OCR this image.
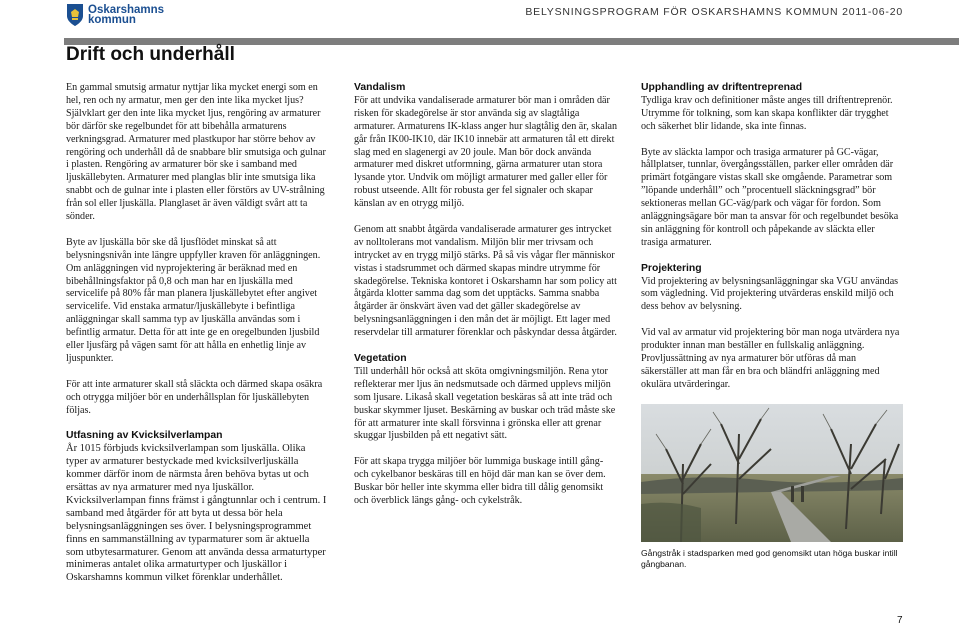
Oskarshamns
kommun
BELYSNINGSPROGRAM FÖR OSKARSHAMNS KOMMUN 2011-06-20
Drift och underhåll

En gammal smutsig armatur nyttjar lika mycket energi som en hel, ren och ny armatur, men ger den inte lika mycket ljus? Självklart ger den inte lika mycket ljus, rengöring av armaturer bör därför ske regelbundet för att bibehålla armaturens verkningsgrad. Armaturer med plastkupor har större behov av rengöring och underhåll då de snabbare blir smutsiga och gulnar i plasten. Rengöring av armaturer bör ske i samband med ljuskällebyten. Armaturer med planglas blir inte smutsiga lika snabbt och de gulnar inte i plasten eller förstörs av UV-strålning från sol eller ljuskälla. Planglaset är även väldigt svårt att ta sönder.

Byte av ljuskälla bör ske då ljusflödet minskat så att belysningsnivån inte längre uppfyller kraven för anläggningen. Om anläggningen vid nyprojektering är beräknad med en bibehållningsfaktor på 0,8 och man har en ljuskälla med servicelife på 80% får man planera ljuskällebytet efter angivet servicelife. Vid enstaka armatur/ljuskällebyte i befintliga anläggningar skall samma typ av ljuskälla användas som i befintlig armatur. Detta för att inte ge en oregelbunden ljusbild eller ljusfärg på vägen samt för att hålla en enhetlig linje av ljuspunkter.

För att inte armaturer skall stå släckta och därmed skapa osäkra och otrygga miljöer bör en underhållsplan för ljuskällebyten följas.

Utfasning av Kvicksilverlampan

År 1015 förbjuds kvicksilverlampan som ljuskälla. Olika typer av armaturer bestyckade med kvicksilverljuskälla kommer därför inom de närmsta åren behöva bytas ut och ersättas av nya armaturer med nya ljuskällor. Kvicksilverlampan finns främst i gångtunnlar och i centrum. I samband med åtgärder för att byta ut dessa bör hela belysningsanläggningen ses över. I belysningsprogrammet finns en sammanställning av typarmaturer som är aktuella som utbytesarmaturer. Genom att använda dessa armaturtyper minimeras antalet olika armaturtyper och ljuskällor i Oskarshamns kommun vilket förenklar underhållet.

Vandalism

För att undvika vandaliserade armaturer bör man i områden där risken för skadegörelse är stor använda sig av slagtåliga armaturer. Armaturens IK-klass anger hur slagtålig den är, skalan går från IK00-IK10, där IK10 innebär att armaturen tål ett direkt slag med en slagenergi av 20 joule. Man bör dock använda armaturer med diskret utformning, gärna armaturer utan stora lysande ytor. Undvik om möjligt armaturer med galler eller för robust utseende. Allt för robusta ger fel signaler och skapar känslan av en otrygg miljö.

Genom att snabbt åtgärda vandaliserade armaturer ges intrycket av nolltolerans mot vandalism. Miljön blir mer trivsam och intrycket av en trygg miljö stärks. På så vis vågar fler människor vistas i stadsrummet och därmed skapas mindre utrymme för skadegörelse. Tekniska kontoret i Oskarshamn har som policy att åtgärda klotter samma dag som det upptäcks. Samma snabba åtgärder är önskvärt även vad det gäller skadegörelse av belysningsanläggningen i den mån det är möjligt. Ett lager med reservdelar till armaturer förenklar och påskyndar dessa åtgärder.

Vegetation

Till underhåll hör också att sköta omgivningsmiljön. Rena ytor reflekterar mer ljus än nedsmutsade och därmed upplevs miljön som ljusare. Likaså skall vegetation beskäras så att inte träd och buskar skymmer ljuset. Beskärning av buskar och träd måste ske för att armaturer inte skall försvinna i grönska eller att grenar skuggar ljusbilden på ett negativt sätt.

För att skapa trygga miljöer bör lummiga buskage intill gång- och cykelbanor beskäras till en höjd där man kan se över dem. Buskar bör heller inte skymma eller bidra till dålig genomsikt och överblick längs gång- och cykelstråk.

Upphandling av driftentreprenad

Tydliga krav och definitioner måste anges till driftentreprenör. Utrymme för tolkning, som kan skapa konflikter där trygghet och säkerhet blir lidande, ska inte finnas.

Byte av släckta lampor och trasiga armaturer på GC-vägar, hållplatser, tunnlar, övergångsställen, parker eller områden där primärt fotgängare vistas skall ske omgående. Parametrar som ”löpande underhåll” och ”procentuell släckningsgrad” bör sektioneras mellan GC-väg/park och vägar för fordon. Som anläggningsägare bör man ta ansvar för och regelbundet besöka sin anläggning för kontroll och påpekande av släckta eller trasiga armaturer.

Projektering

Vid projektering av belysningsanläggningar ska VGU användas som vägledning. Vid projektering utvärderas enskild miljö och dess behov av belysning.

Vid val av armatur vid projektering bör man noga utvärdera nya produkter innan man beställer en fullskalig anläggning. Provljussättning av nya armaturer bör utföras då man säkerställer att man får en bra och bländfri anläggning med okulära utvärderingar.

Gångstråk i stadsparken med god genomsikt utan höga buskar intill gångbanan.
7
